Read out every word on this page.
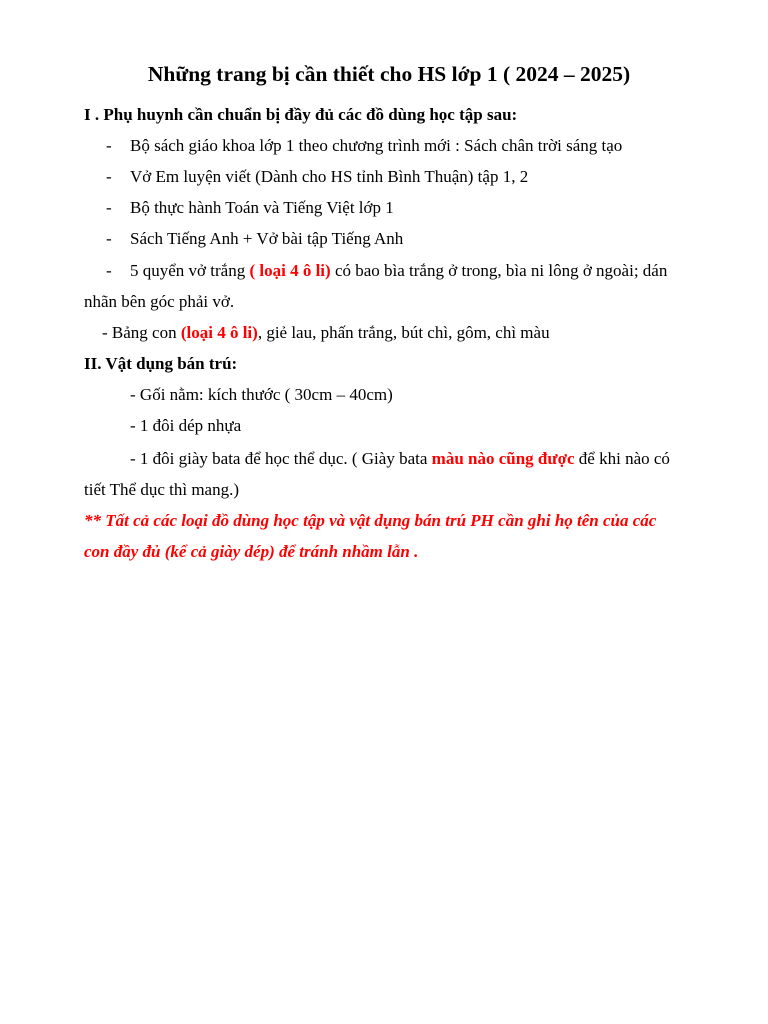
Những trang bị cần thiết cho HS lớp 1 ( 2024 – 2025)
I . Phụ huynh cần chuẩn bị đầy đủ các đồ dùng học tập sau:
- Bộ sách giáo khoa lớp 1 theo chương trình mới : Sách chân trời sáng tạo
- Vở Em luyện viết (Dành cho HS tỉnh Bình Thuận) tập 1, 2
- Bộ thực hành Toán và Tiếng Việt lớp 1
- Sách Tiếng Anh + Vở bài tập Tiếng Anh
- 5 quyển vở trắng ( loại 4 ô li) có bao bìa trắng ở trong, bìa ni lông ở ngoài; dán
nhãn bên góc phải vở.
- Bảng con (loại 4 ô li), giẻ lau, phấn trắng, bút chì, gôm, chì màu
II. Vật dụng bán trú:
- Gối nằm: kích thước ( 30cm – 40cm)
- 1 đôi dép nhựa
- 1 đôi giày bata để học thể dục. ( Giày bata màu nào cũng được để khi nào có
tiết Thể dục thì mang.)
** Tất cả các loại đồ dùng học tập và vật dụng bán trú PH cần ghi họ tên của các
con đầy đủ (kể cả giày dép) để tránh nhầm lẫn .
